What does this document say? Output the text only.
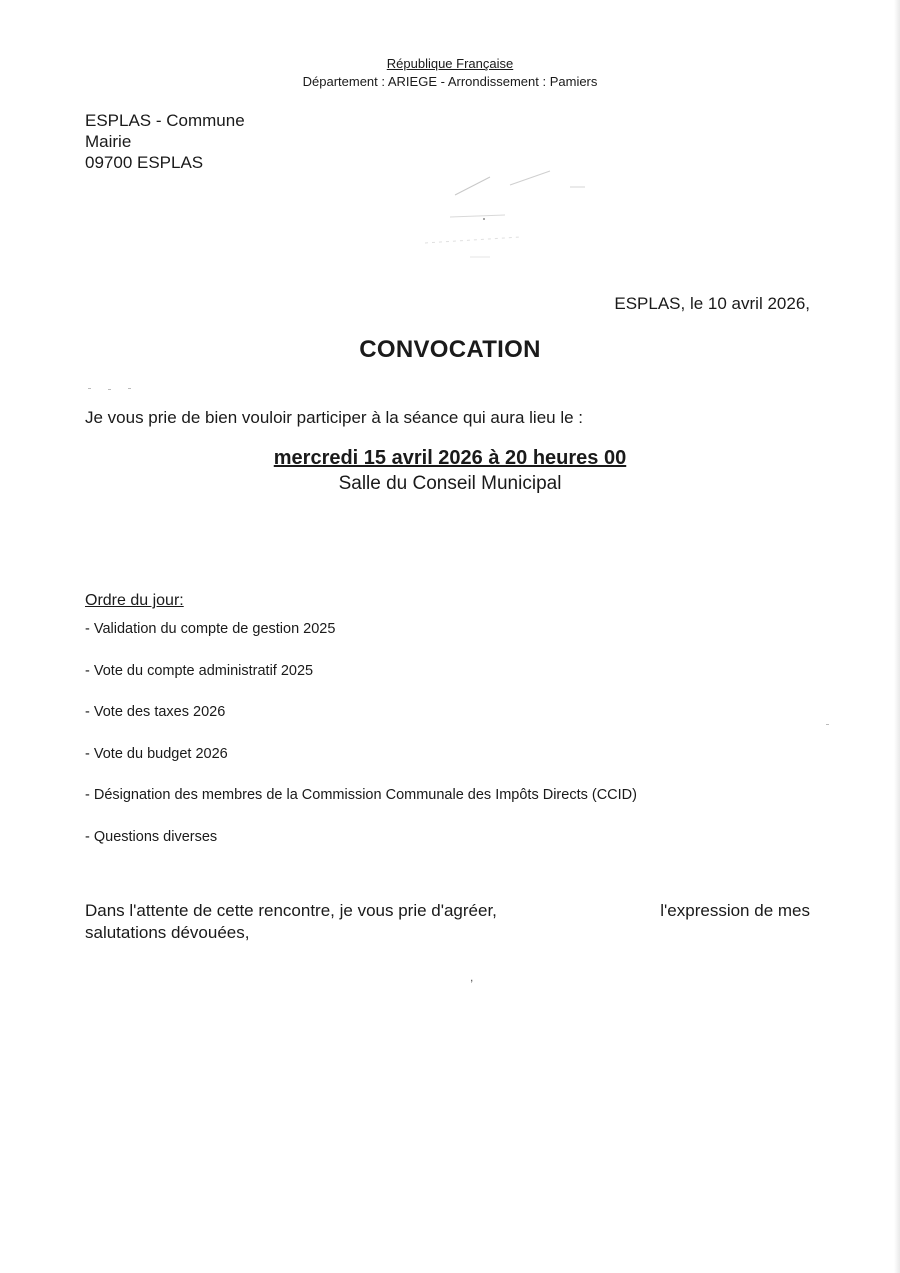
République Française
Département : ARIEGE - Arrondissement : Pamiers
ESPLAS - Commune
Mairie
09700 ESPLAS
ESPLAS, le 10 avril 2026,
CONVOCATION
Je vous prie de bien vouloir participer à la séance qui aura lieu le :
mercredi 15 avril 2026 à 20 heures 00
Salle du Conseil Municipal
Ordre du jour:
- Validation du compte de gestion 2025
- Vote du compte administratif 2025
- Vote des taxes 2026
- Vote du budget 2026
- Désignation des membres de la Commission Communale des Impôts Directs (CCID)
- Questions diverses
Dans l'attente de cette rencontre, je vous prie d'agréer,	l'expression de mes
salutations dévouées,
,
